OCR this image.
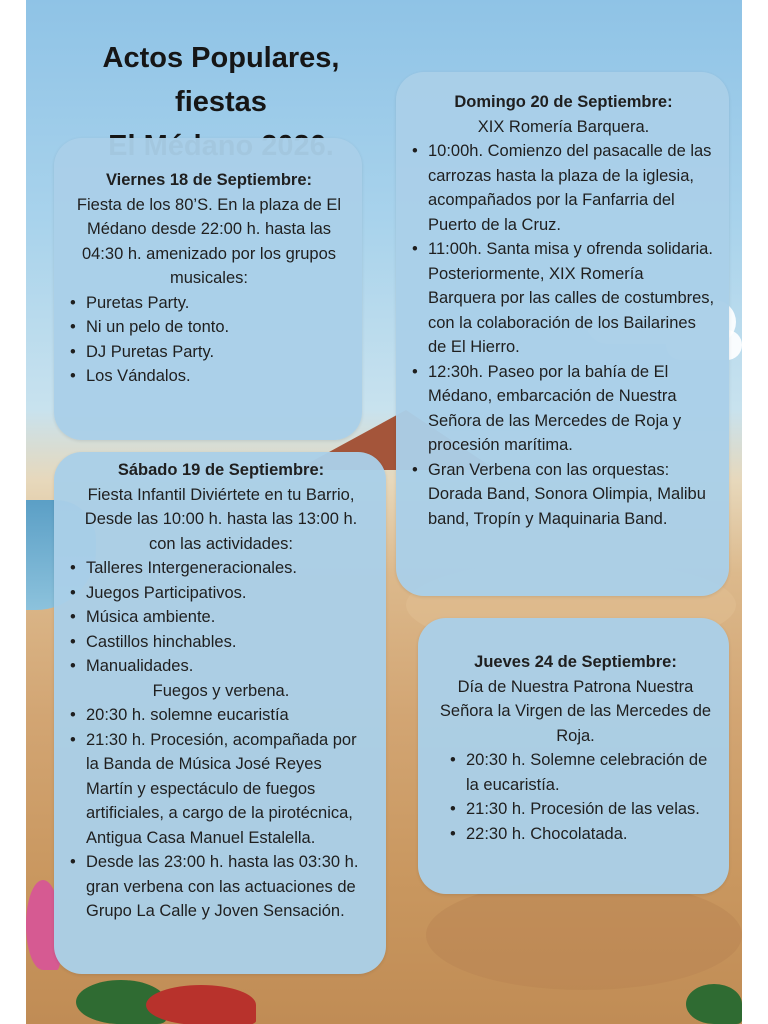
Actos Populares, fiestas

Viernes 18 de Septiembre:
Fiesta de los 80’S. En la plaza de El Médano desde 22:00 h. hasta las 04:30 h. amenizado por los grupos musicales:
• Puretas Party.
• Ni un pelo de tonto.
• DJ Puretas Party.
• Los Vándalos.
Sábado 19 de Septiembre:
Fiesta Infantil Diviértete en tu Barrio, Desde las 10:00 h. hasta las 13:00 h. con las actividades:
• Talleres Intergeneracionales.
• Juegos Participativos.
• Música ambiente.
• Castillos hinchables.
• Manualidades.
Fuegos y verbena.
• 20:30 h. solemne eucaristía
• 21:30 h. Procesión, acompañada por la Banda de Música José Reyes Martín y espectáculo de fuegos artificiales, a cargo de la pirotécnica, Antigua Casa Manuel Estalella.
• Desde las 23:00 h. hasta las 03:30 h. gran verbena con las actuaciones de Grupo La Calle y Joven Sensación.
Domingo 20 de Septiembre:
XIX Romería Barquera.
• 10:00h. Comienzo del pasacalle de las carrozas hasta la plaza de la iglesia, acompañados por la Fanfarria del Puerto de la Cruz.
• 11:00h. Santa misa y ofrenda solidaria. Posteriormente, XIX Romería Barquera por las calles de costumbres, con la colaboración de los Bailarines de El Hierro.
• 12:30h. Paseo por la bahía de El Médano, embarcación de Nuestra Señora de las Mercedes de Roja y procesión marítima.
• Gran Verbena con las orquestas: Dorada Band, Sonora Olimpia, Malibu band, Tropín y Maquinaria Band.
Jueves 24 de Septiembre:
Día de Nuestra Patrona Nuestra Señora la Virgen de las Mercedes de Roja.
• 20:30 h. Solemne celebración de la eucaristía.
• 21:30 h. Procesión de las velas.
• 22:30 h. Chocolatada.
